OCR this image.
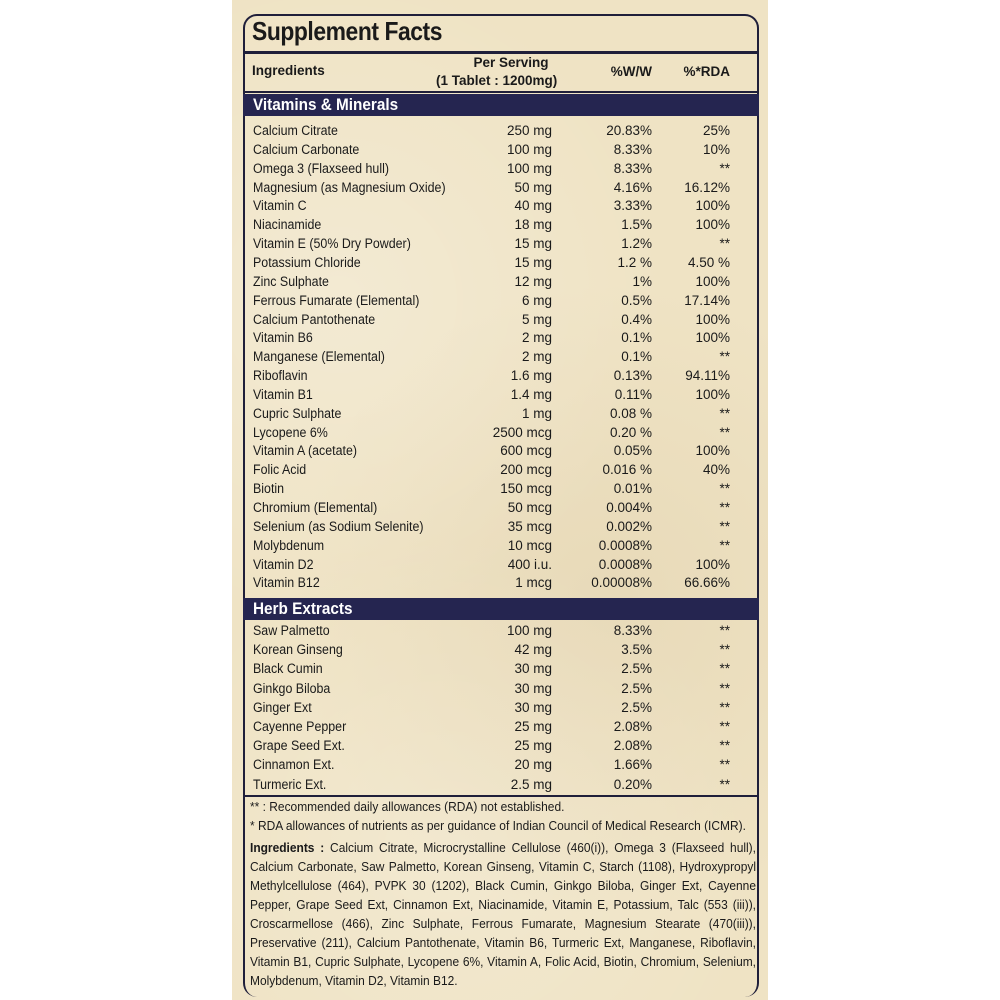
Supplement Facts
Ingredients
Per Serving
(1 Tablet : 1200mg)
%W/W %*RDA
Vitamins & Minerals
Calcium Citrate	250 mg	20.83%	25%
Calcium Carbonate	100 mg	8.33%	10%
Omega 3 (Flaxseed hull)	100 mg	8.33%	**
Magnesium (as Magnesium Oxide)	50 mg	4.16% 16.12%
Vitamin C	40 mg	3.33%	100%
Niacinamide	18 mg	1.5%	100%
Vitamin E (50% Dry Powder)	15 mg	1.2%	**
Potassium Chloride	15 mg	1.2 %	4.50 %
Zinc Sulphate	12 mg	1%	100%
Ferrous Fumarate (Elemental)	6 mg	0.5% 17.14%
Calcium Pantothenate	5 mg	0.4%	100%
Vitamin B6	2 mg	0.1%	100%
Manganese (Elemental)	2 mg	0.1%	**
Riboflavin	1.6 mg	0.13% 94.11%
Vitamin B1	1.4 mg	0.11%	100%
Cupric Sulphate	1 mg	0.08 %	**
Lycopene 6%	2500 mcg	0.20 %	**
Vitamin A (acetate)	600 mcg	0.05%	100%
Folic Acid	200 mcg	0.016 %	40%
Biotin	150 mcg	0.01%	**
Chromium (Elemental)	50 mcg	0.004%	**
Selenium (as Sodium Selenite)	35 mcg	0.002%	**
Molybdenum	10 mcg	0.0008%	**
Vitamin D2	400 i.u.	0.0008%	100%
Vitamin B12	1 mcg	0.00008% 66.66%
Herb Extracts
Saw Palmetto	100 mg	8.33%	**
Korean Ginseng	42 mg	3.5%	**
Black Cumin	30 mg	2.5%	**
Ginkgo Biloba	30 mg	2.5%	**
Ginger Ext	30 mg	2.5%	**
Cayenne Pepper	25 mg	2.08%	**
Grape Seed Ext.	25 mg	2.08%	**
Cinnamon Ext.	20 mg	1.66%	**
Turmeric Ext.	2.5 mg	0.20%	**
** : Recommended daily allowances (RDA) not established.
* RDA allowances of nutrients as per guidance of Indian Council of Medical Research (ICMR).
Ingredients : Calcium Citrate, Microcrystalline Cellulose (460(i)), Omega 3 (Flaxseed hull), Calcium Carbonate, Saw Palmetto, Korean Ginseng, Vitamin C, Starch (1108), Hydroxypropyl Methylcellulose (464), PVPK 30 (1202), Black Cumin, Ginkgo Biloba, Ginger Ext, Cayenne Pepper, Grape Seed Ext, Cinnamon Ext, Niacinamide, Vitamin E, Potassium, Talc (553 (iii)), Croscarmellose (466), Zinc Sulphate, Ferrous Fumarate, Magnesium Stearate (470(iii)), Preservative (211), Calcium Pantothenate, Vitamin B6, Turmeric Ext, Manganese, Riboflavin, Vitamin B1, Cupric Sulphate, Lycopene 6%, Vitamin A, Folic Acid, Biotin, Chromium, Selenium, Molybdenum, Vitamin D2, Vitamin B12.
